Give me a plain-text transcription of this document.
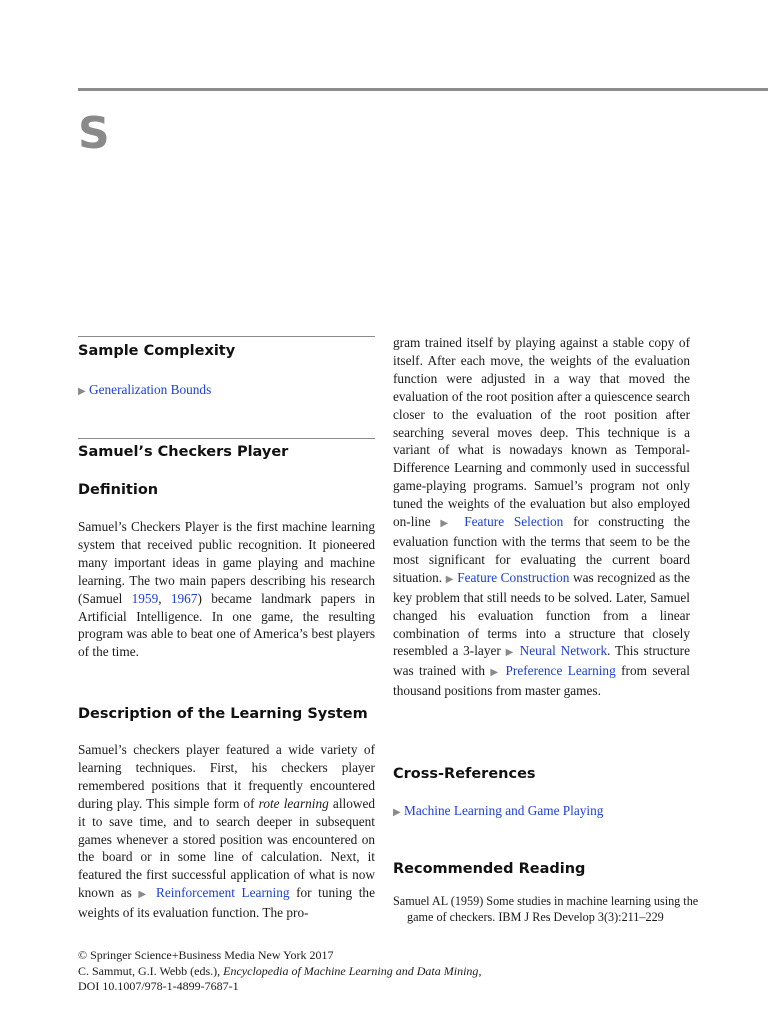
S
Sample Complexity

▶ Generalization Bounds

Samuel’s Checkers Player
Definition

Samuel’s Checkers Player is the first machine learning system that received public recognition. It pioneered many important ideas in game playing and machine learning. The two main papers describing his research (Samuel 1959, 1967) became landmark papers in Artificial Intelligence. In one game, the resulting program was able to beat one of America’s best players of the time.

Description of the Learning System

Samuel’s checkers player featured a wide variety of learning techniques. First, his checkers player remembered positions that it frequently encountered during play. This simple form of rote learning allowed it to save time, and to search deeper in subsequent games whenever a stored position was encountered on the board or in some line of calculation. Next, it featured the first successful application of what is now known as ▶ Reinforcement Learning for tuning the weights of its evaluation function. The pro-

gram trained itself by playing against a stable copy of itself. After each move, the weights of the evaluation function were adjusted in a way that moved the evaluation of the root position after a quiescence search closer to the evaluation of the root position after searching several moves deep. This technique is a variant of what is nowadays known as Temporal-Difference Learning and commonly used in successful game-playing programs. Samuel’s program not only tuned the weights of the evaluation but also employed on-line ▶ Feature Selection for constructing the evaluation function with the terms that seem to be the most significant for evaluating the current board situation. ▶ Feature Construction was recognized as the key problem that still needs to be solved. Later, Samuel changed his evaluation function from a linear combination of terms into a structure that closely resembled a 3-layer ▶ Neural Network. This structure was trained with ▶ Preference Learning from several thousand positions from master games.

Cross-References

▶ Machine Learning and Game Playing

Recommended Reading

Samuel AL (1959) Some studies in machine learning using the game of checkers. IBM J Res Develop 3(3):211–229

© Springer Science+Business Media New York 2017
C. Sammut, G.I. Webb (eds.), Encyclopedia of Machine Learning and Data Mining,
DOI 10.1007/978-1-4899-7687-1
